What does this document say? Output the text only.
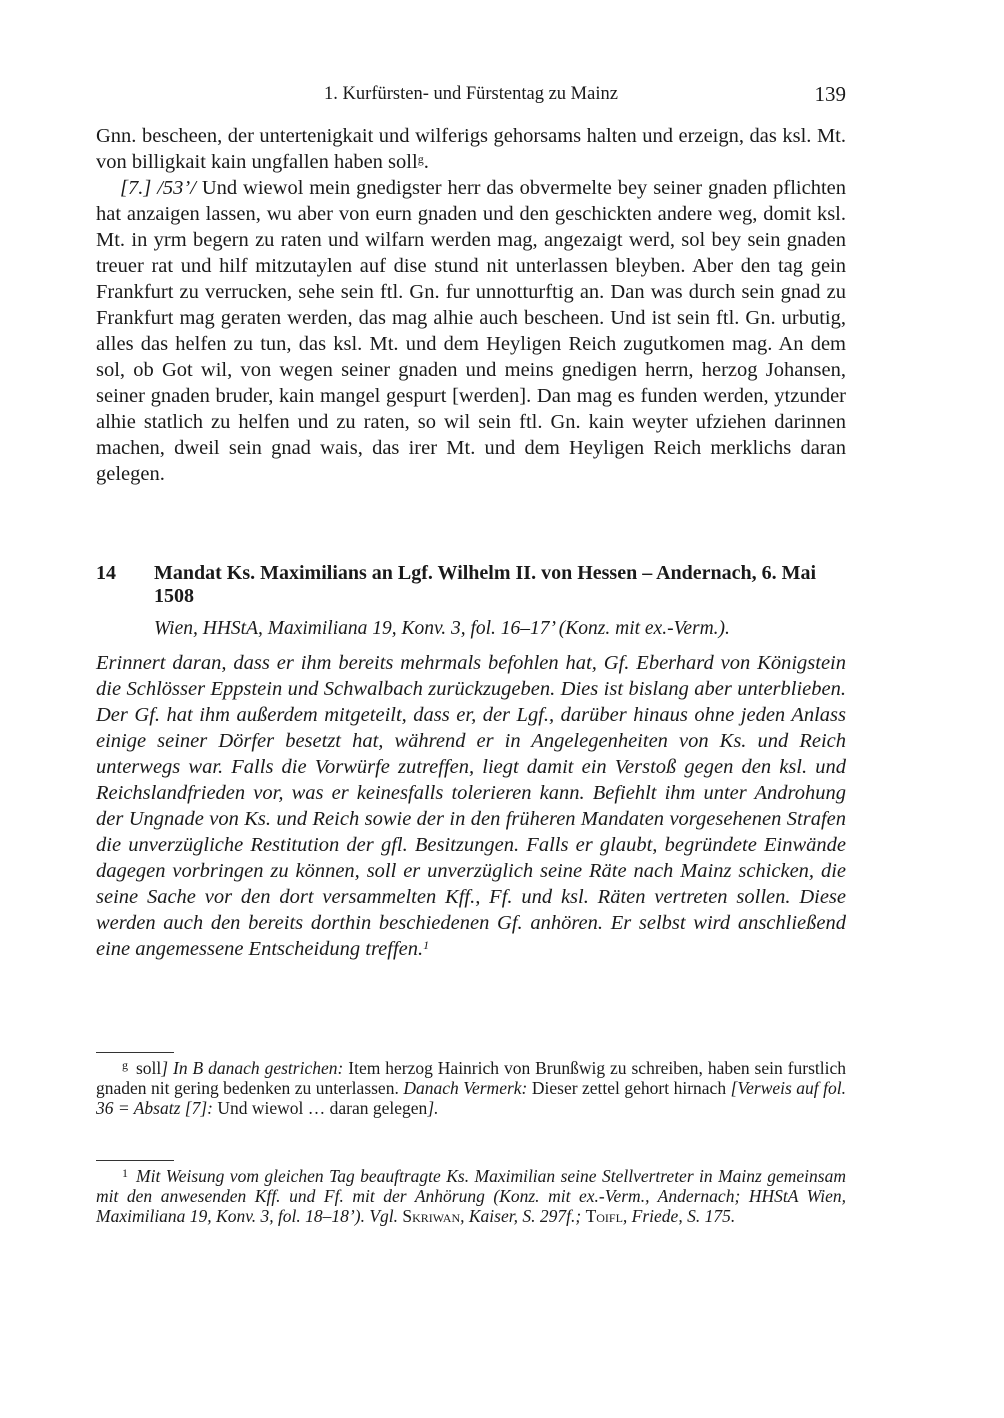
1. Kurfürsten- und Fürstentag zu Mainz	139

Gnn. bescheen, der untertenigkait und wilferigs gehorsams halten und erzeign, das ksl. Mt. von billigkait kain ungfallen haben soll$^g$.

[7.] /53’/ Und wiewol mein gnedigster herr das obvermelte bey seiner gnaden pflichten hat anzaigen lassen, wu aber von eurn gnaden und den geschickten andere weg, domit ksl. Mt. in yrm begern zu raten und wilfarn werden mag, angezaigt werd, sol bey sein gnaden treuer rat und hilf mitzutaylen auf dise stund nit unterlassen bleyben. Aber den tag gein Frankfurt zu verrucken, sehe sein ftl. Gn. fur unnotturftig an. Dan was durch sein gnad zu Frankfurt mag geraten werden, das mag alhie auch bescheen. Und ist sein ftl. Gn. urbutig, alles das helfen zu tun, das ksl. Mt. und dem Heyligen Reich zugutkomen mag. An dem sol, ob Got wil, von wegen seiner gnaden und meins gnedigen herrn, herzog Johansen, seiner gnaden bruder, kain mangel gespurt [werden]. Dan mag es funden werden, ytzunder alhie statlich zu helfen und zu raten, so wil sein ftl. Gn. kain weyter ufziehen darinnen machen, dweil sein gnad wais, das irer Mt. und dem Heyligen Reich merklichs daran gelegen.

14 Mandat Ks. Maximilians an Lgf. Wilhelm II. von Hessen – Andernach, 6. Mai 1508
Wien, HHStA, Maximiliana 19, Konv. 3, fol. 16–17’ (Konz. mit ex.-Verm.).
Erinnert daran, dass er ihm bereits mehrmals befohlen hat, Gf. Eberhard von Königstein die Schlösser Eppstein und Schwalbach zurückzugeben. Dies ist bislang aber unterblieben. Der Gf. hat ihm außerdem mitgeteilt, dass er, der Lgf., darüber hinaus ohne jeden Anlass einige seiner Dörfer besetzt hat, während er in Angelegenheiten von Ks. und Reich unterwegs war. Falls die Vorwürfe zutreffen, liegt damit ein Verstoß gegen den ksl. und Reichslandfrieden vor, was er keinesfalls tolerieren kann. Befiehlt ihm unter Androhung der Ungnade von Ks. und Reich sowie der in den früheren Mandaten vorgesehenen Strafen die unverzügliche Restitution der gfl. Besitzungen. Falls er glaubt, begründete Einwände dagegen vorbringen zu können, soll er unverzüglich seine Räte nach Mainz schicken, die seine Sache vor den dort versammelten Kff., Ff. und ksl. Räten vertreten sollen. Diese werden auch den bereits dorthin beschiedenen Gf. anhören. Er selbst wird anschließend eine angemessene Entscheidung treffen.$^1$

$^g$ soll] In B danach gestrichen: Item herzog Hainrich von Brunßwig zu schreiben, haben sein furstlich gnaden nit gering bedenken zu unterlassen. Danach Vermerk: Dieser zettel gehort hirnach [Verweis auf fol. 36 = Absatz [7]: Und wiewol … daran gelegen].

$^1$ Mit Weisung vom gleichen Tag beauftragte Ks. Maximilian seine Stellvertreter in Mainz gemeinsam mit den anwesenden Kff. und Ff. mit der Anhörung (Konz. mit ex.-Verm., Andernach; HHStA Wien, Maximiliana 19, Konv. 3, fol. 18–18’). Vgl. Skriwan, Kaiser, S. 297f.; Toifl, Friede, S. 175.
